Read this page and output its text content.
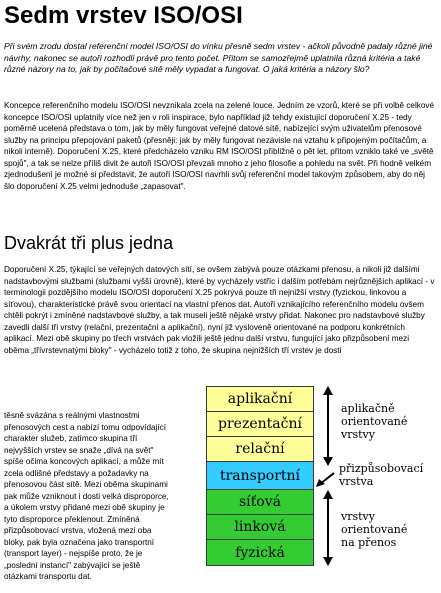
Sedm vrstev ISO/OSI

Při svém zrodu dostal referenční model ISO/OSI do vínku přesně sedm vrstev - ačkoli původně padaly různé jiné návrhy, nakonec se autoři rozhodli právě pro tento počet. Přitom se samozřejmě uplatnila různá kritéria a také různé názory na to, jak by počítačové sítě měly vypadat a fungovat. O jaká kritéria a názory šlo?

Koncepce referenčního modelu ISO/OSI nevznikala zcela na zelené louce. Jedním ze vzorů, které se při volbě celkové koncepce ISO/OSI uplatnily více než jen v roli inspirace, bylo například již tehdy existující doporučení X.25 - tedy poměrně ucelená představa o tom, jak by měly fungovat veřejné datové sítě, nabízející svým uživatelům přenosové služby na principu přepojování paketů (přesněji: jak by měly fungovat nezávisle na vztahu k připojeným počítačům, a nikoli interně). Doporučení X.25, které předcházelo vzniku RM ISO/OSI přibližně o pět let, přitom vzniklo také ve „světě spojů", a tak se nelze příliš divit že autoři ISO/OSI převzali mnoho z jeho filosofie a pohledu na svět. Při hodně velkém zjednodušení je možné si představit, že autoři ISO/OSI navrhli svůj referenční model takovým způsobem, aby do něj šlo doporučení X.25 velmi jednoduše „zapasovat".

Dvakrát tři plus jedna

Doporučení X.25, týkající se veřejných datových sítí, se ovšem zabývá pouze otázkami přenosu, a nikoli již dalšími nadstavbovými službami (službami vyšší úrovně), které by vycházely vstříc i dalším potřebám nejrůznějších aplikací - v terminologii pozdějšího modelu ISO/OSI doporučení X.25 pokrývá pouze tři nejnižší vrstvy (fyzickou, linkovou a síťovou), charakteristické právě svou orientací na vlastní přenos dat. Autoři vznikajícího referenčního modelu ovšem chtěli pokrýt i zmíněné nadstavbové služby, a tak museli ještě nějaké vrstvy přidat. Nakonec pro nadstavbové služby zavedli další tři vrstvy (relační, prezentační a aplikační), nyní již vysloveně orientované na podporu konkrétních aplikací. Mezi obě skupiny po třech vrstvách pak vložili ještě jednu další vrstvu, fungující jako přizpůsobení mezi oběma „třívrstevnatými bloky" - vycházelo totiž z toho, že skupina nejnižších tří vrstev je dosti

těsně svázána s reálnými vlastnostmi přenosových cest a nabízí tomu odpovídající charakter služeb, zatímco skupina tří nejvyšších vrstev se snaže „dívá na svět" spíše očima koncových aplikací, a může mít zcela odlišné představy a požadavky na přenosovou část sítě. Mezi oběma skupinami pak může vzniknout i dosti velká disproporce, a úkolem vrstvy přidané mezi obě skupiny je tyto disproporce překlenout. Zmíněná přizpůsobovací vrstva, vložená mezi oba bloky, pak byla označena jako transportní (transport layer) - nejspíše proto, že je „poslední instancí" zabývající se ještě otázkami transportu dat.

aplikační
prezentační
relační
transportní
síťová
linková
fyzická
aplikačně
orientované
vrstvy
přizpůsobovací
vrstva
vrstvy
orientované
na přenos
